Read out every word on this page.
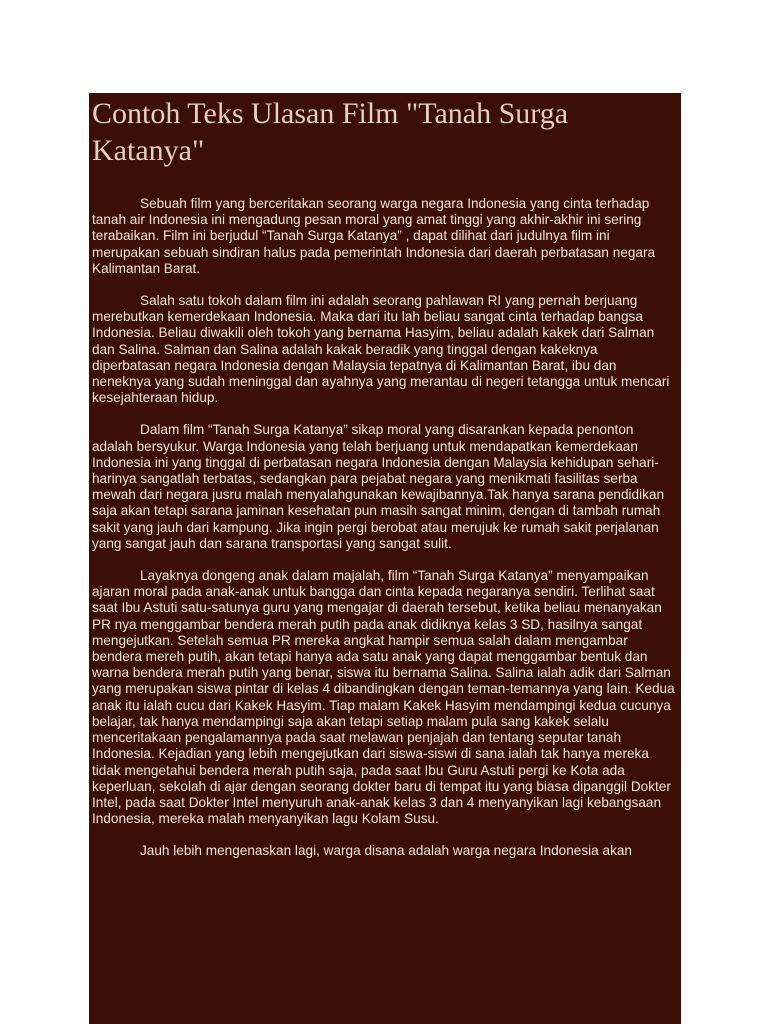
Contoh Teks Ulasan Film "Tanah Surga Katanya"

Sebuah film yang berceritakan seorang warga negara Indonesia yang cinta terhadap tanah air Indonesia ini mengadung pesan moral yang amat tinggi yang akhir-akhir ini sering terabaikan. Film ini berjudul “Tanah Surga Katanya” , dapat dilihat dari judulnya film ini merupakan sebuah sindiran halus pada pemerintah Indonesia dari daerah perbatasan negara Kalimantan Barat.

Salah satu tokoh dalam film ini adalah seorang pahlawan RI yang pernah berjuang merebutkan kemerdekaan Indonesia. Maka dari itu lah beliau sangat cinta terhadap bangsa Indonesia. Beliau diwakili oleh tokoh yang bernama Hasyim, beliau adalah kakek dari Salman dan Salina. Salman dan Salina adalah kakak beradik yang tinggal dengan kakeknya diperbatasan negara Indonesia dengan Malaysia tepatnya di Kalimantan Barat, ibu dan neneknya yang sudah meninggal dan ayahnya yang merantau di negeri tetangga untuk mencari kesejahteraan hidup.

Dalam film “Tanah Surga Katanya” sikap moral yang disarankan kepada penonton adalah bersyukur. Warga Indonesia yang telah berjuang untuk mendapatkan kemerdekaan Indonesia ini yang tinggal di perbatasan negara Indonesia dengan Malaysia kehidupan sehari-harinya sangatlah terbatas, sedangkan para pejabat negara yang menikmati fasilitas serba mewah dari negara jusru malah menyalahgunakan kewajibannya.Tak hanya sarana pendidikan saja akan tetapi sarana jaminan kesehatan pun masih sangat minim, dengan di tambah rumah sakit yang jauh dari kampung. Jika ingin pergi berobat atau merujuk ke rumah sakit perjalanan yang sangat jauh dan sarana transportasi yang sangat sulit.

Layaknya dongeng anak dalam majalah, film “Tanah Surga Katanya” menyampaikan ajaran moral pada anak-anak untuk bangga dan cinta kepada negaranya sendiri. Terlihat saat saat Ibu Astuti satu-satunya guru yang mengajar di daerah tersebut, ketika beliau menanyakan PR nya menggambar bendera merah putih pada anak didiknya kelas 3 SD, hasilnya sangat mengejutkan. Setelah semua PR mereka angkat hampir semua salah dalam mengambar bendera mereh putih, akan tetapi hanya ada satu anak yang dapat menggambar bentuk dan warna bendera merah putih yang benar, siswa itu bernama Salina. Salina ialah adik dari Salman yang merupakan siswa pintar di kelas 4 dibandingkan dengan teman-temannya yang lain. Kedua anak itu ialah cucu dari Kakek Hasyim. Tiap malam Kakek Hasyim mendampingi kedua cucunya belajar, tak hanya mendampingi saja akan tetapi setiap malam pula sang kakek selalu menceritakaan pengalamannya pada saat melawan penjajah dan tentang seputar tanah Indonesia. Kejadian yang lebih mengejutkan dari siswa-siswi di sana ialah tak hanya mereka tidak mengetahui bendera merah putih saja, pada saat Ibu Guru Astuti pergi ke Kota ada keperluan, sekolah di ajar dengan seorang dokter baru di tempat itu yang biasa dipanggil Dokter Intel, pada saat Dokter Intel menyuruh anak-anak kelas 3 dan 4 menyanyikan lagi kebangsaan Indonesia, mereka malah menyanyikan lagu Kolam Susu.

Jauh lebih mengenaskan lagi, warga disana adalah warga negara Indonesia akan
